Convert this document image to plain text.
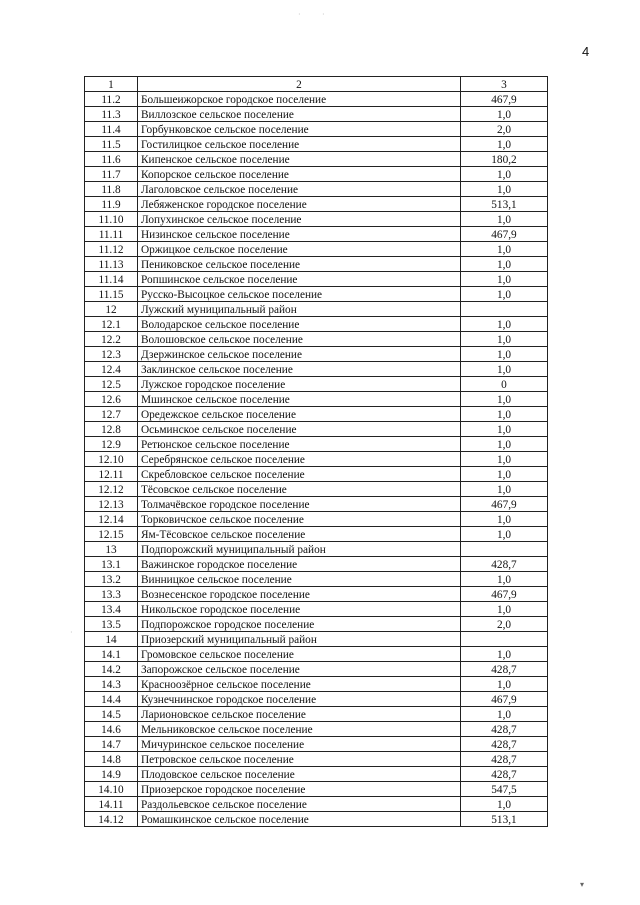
4
·	·
·
▾
1	2	3
11.2	Большеижорское городское поселение	467,9
11.3	Виллозское сельское поселение	1,0
11.4	Горбунковское сельское поселение	2,0
11.5	Гостилицкое сельское поселение	1,0
11.6	Кипенское сельское поселение	180,2
11.7	Копорское сельское поселение	1,0
11.8	Лаголовское сельское поселение	1,0
11.9	Лебяженское городское поселение	513,1
11.10	Лопухинское сельское поселение	1,0
11.11	Низинское сельское поселение	467,9
11.12	Оржицкое сельское поселение	1,0
11.13	Пениковское сельское поселение	1,0
11.14	Ропшинское сельское поселение	1,0
11.15	Русско-Высоцкое сельское поселение	1,0
12	Лужский муниципальный район	
12.1	Володарское сельское поселение	1,0
12.2	Волошовское сельское поселение	1,0
12.3	Дзержинское сельское поселение	1,0
12.4	Заклинское сельское поселение	1,0
12.5	Лужское городское поселение	0
12.6	Мшинское сельское поселение	1,0
12.7	Оредежское сельское поселение	1,0
12.8	Осьминское сельское поселение	1,0
12.9	Ретюнское сельское поселение	1,0
12.10	Серебрянское сельское поселение	1,0
12.11	Скребловское сельское поселение	1,0
12.12	Тёсовское сельское поселение	1,0
12.13	Толмачёвское городское поселение	467,9
12.14	Торковичское сельское поселение	1,0
12.15	Ям-Тёсовское сельское поселение	1,0
13	Подпорожский муниципальный район	
13.1	Важинское городское поселение	428,7
13.2	Винницкое сельское поселение	1,0
13.3	Вознесенское городское поселение	467,9
13.4	Никольское городское поселение	1,0
13.5	Подпорожское городское поселение	2,0
14	Приозерский муниципальный район	
14.1	Громовское сельское поселение	1,0
14.2	Запорожское сельское поселение	428,7
14.3	Красноозёрное сельское поселение	1,0
14.4	Кузнечнинское городское поселение	467,9
14.5	Ларионовское сельское поселение	1,0
14.6	Мельниковское сельское поселение	428,7
14.7	Мичуринское сельское поселение	428,7
14.8	Петровское сельское поселение	428,7
14.9	Плодовское сельское поселение	428,7
14.10	Приозерское городское поселение	547,5
14.11	Раздольевское сельское поселение	1,0
14.12	Ромашкинское сельское поселение	513,1
